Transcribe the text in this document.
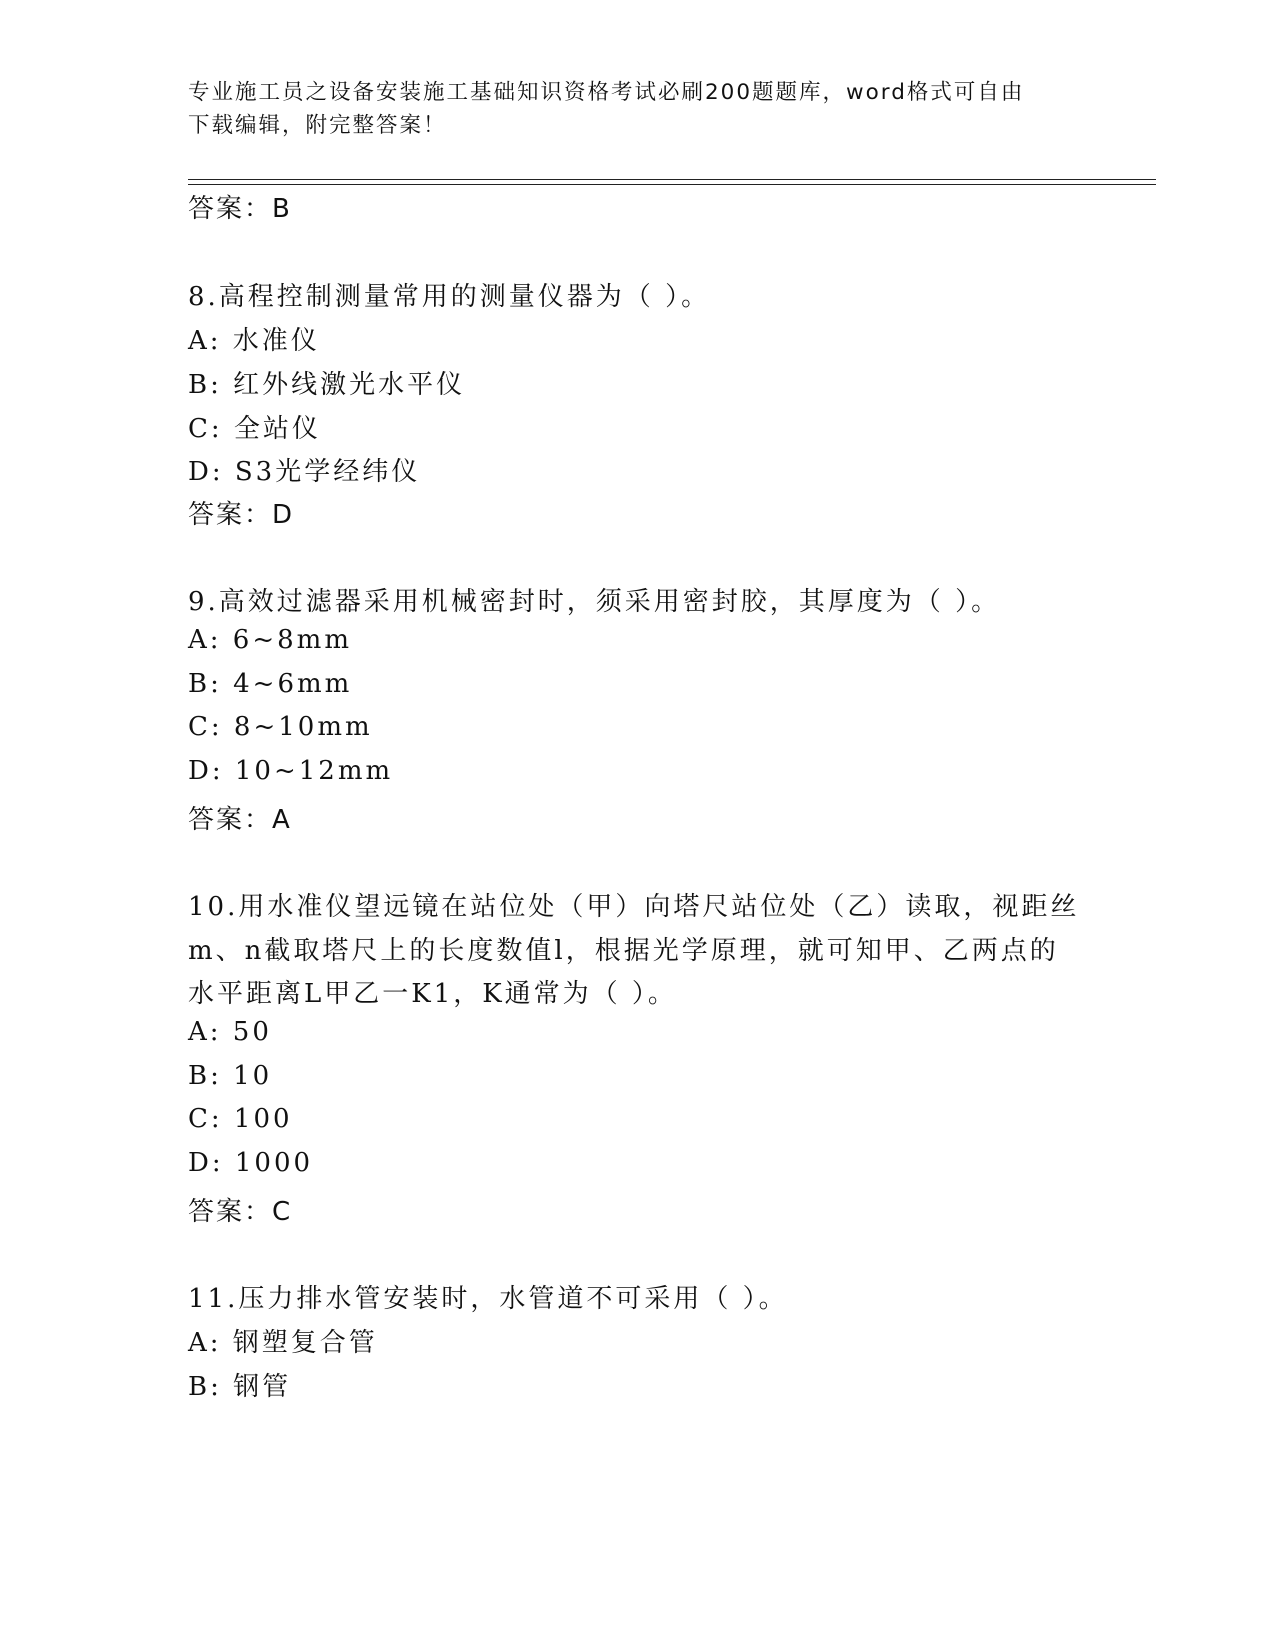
专业施工员之设备安装施工基础知识资格考试必刷200题题库，word格式可自由
下载编辑，附完整答案！
答案：B
8.高程控制测量常用的测量仪器为（ ）。
A: 水准仪
B: 红外线激光水平仪
C: 全站仪
D: S3光学经纬仪
答案：D
9.高效过滤器采用机械密封时，须采用密封胶，其厚度为（ ）。
A: 6~8mm
B: 4~6mm
C: 8~10mm
D: 10~12mm
答案：A
10.用水准仪望远镜在站位处（甲）向塔尺站位处（乙）读取，视距丝
m、n截取塔尺上的长度数值l，根据光学原理，就可知甲、乙两点的
水平距离L甲乙一K1，K通常为（ ）。
A: 50
B: 10
C: 100
D: 1000
答案：C
11.压力排水管安装时，水管道不可采用（ ）。
A: 钢塑复合管
B: 钢管
